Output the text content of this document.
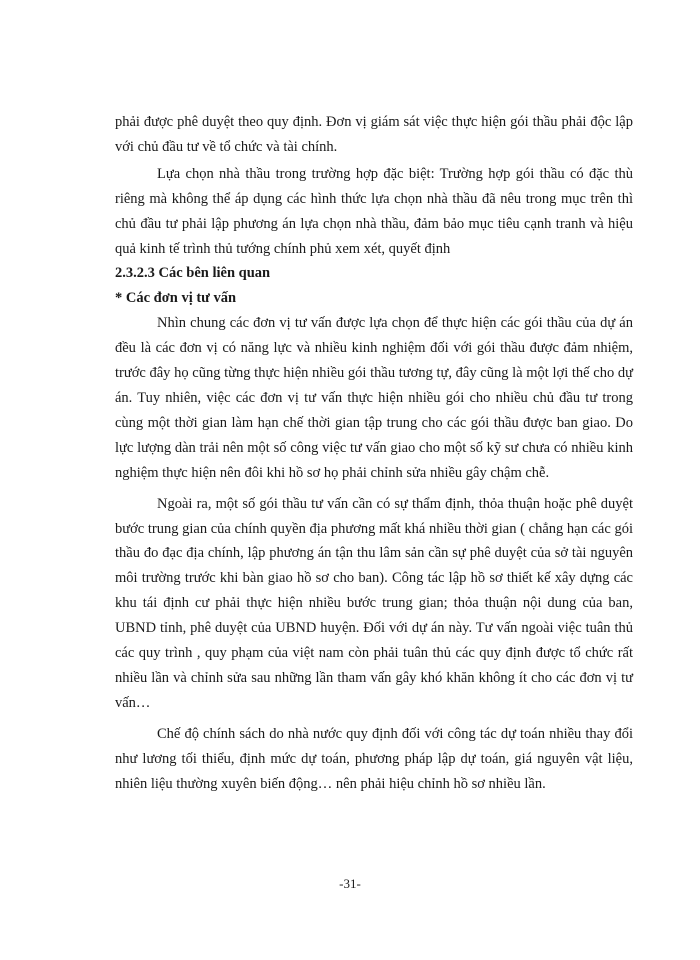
phải được phê duyệt theo quy định. Đơn vị giám sát việc thực hiện gói thầu phải độc lập với chủ đầu tư về tổ chức và tài chính.

Lựa chọn nhà thầu trong trường hợp đặc biệt: Trường hợp gói thầu có đặc thù riêng mà không thể áp dụng các hình thức lựa chọn nhà thầu đã nêu trong mục trên thì chủ đầu tư phải lập phương án lựa chọn nhà thầu, đảm bảo mục tiêu cạnh tranh và hiệu quả kinh tế trình thủ tướng chính phủ xem xét, quyết định

2.3.2.3 Các bên liên quan
* Các đơn vị tư vấn

Nhìn chung các đơn vị tư vấn được lựa chọn để thực hiện các gói thầu của dự án đều là các đơn vị có năng lực và nhiều kinh nghiệm đối với gói thầu được đảm nhiệm, trước đây họ cũng từng thực hiện nhiều gói thầu tương tự, đây cũng là một lợi thế cho dự án. Tuy nhiên, việc các đơn vị tư vấn thực hiện nhiều gói cho nhiều chủ đầu tư trong cùng một thời gian làm hạn chế thời gian tập trung cho các gói thầu được ban giao. Do lực lượng dàn trải nên một số công việc tư vấn giao cho một số kỹ sư chưa có nhiều kinh nghiệm thực hiện nên đôi khi hồ sơ họ phải chỉnh sửa nhiều gây chậm chễ.

Ngoài ra, một số gói thầu tư vấn cần có sự thẩm định, thỏa thuận hoặc phê duyệt bước trung gian của chính quyền địa phương mất khá nhiều thời gian ( chẳng hạn các gói thầu đo đạc địa chính, lập phương án tận thu lâm sản cần sự phê duyệt của sở tài nguyên môi trường trước khi bàn giao hồ sơ cho ban). Công tác lập hồ sơ thiết kế xây dựng các khu tái định cư phải thực hiện nhiều bước trung gian; thỏa thuận nội dung của ban, UBND tỉnh, phê duyệt của UBND huyện. Đối với dự án này. Tư vấn ngoài việc tuân thủ các quy trình , quy phạm của việt nam còn phải tuân thủ các quy định được tổ chức rất nhiều lần và chỉnh sửa sau những lần tham vấn gây khó khăn không ít cho các đơn vị tư vấn…

Chế độ chính sách do nhà nước quy định đối với công tác dự toán nhiều thay đổi như lương tối thiểu, định mức dự toán, phương pháp lập dự toán, giá nguyên vật liệu, nhiên liệu thường xuyên biến động… nên phải hiệu chỉnh hồ sơ nhiều lần.

-31-
